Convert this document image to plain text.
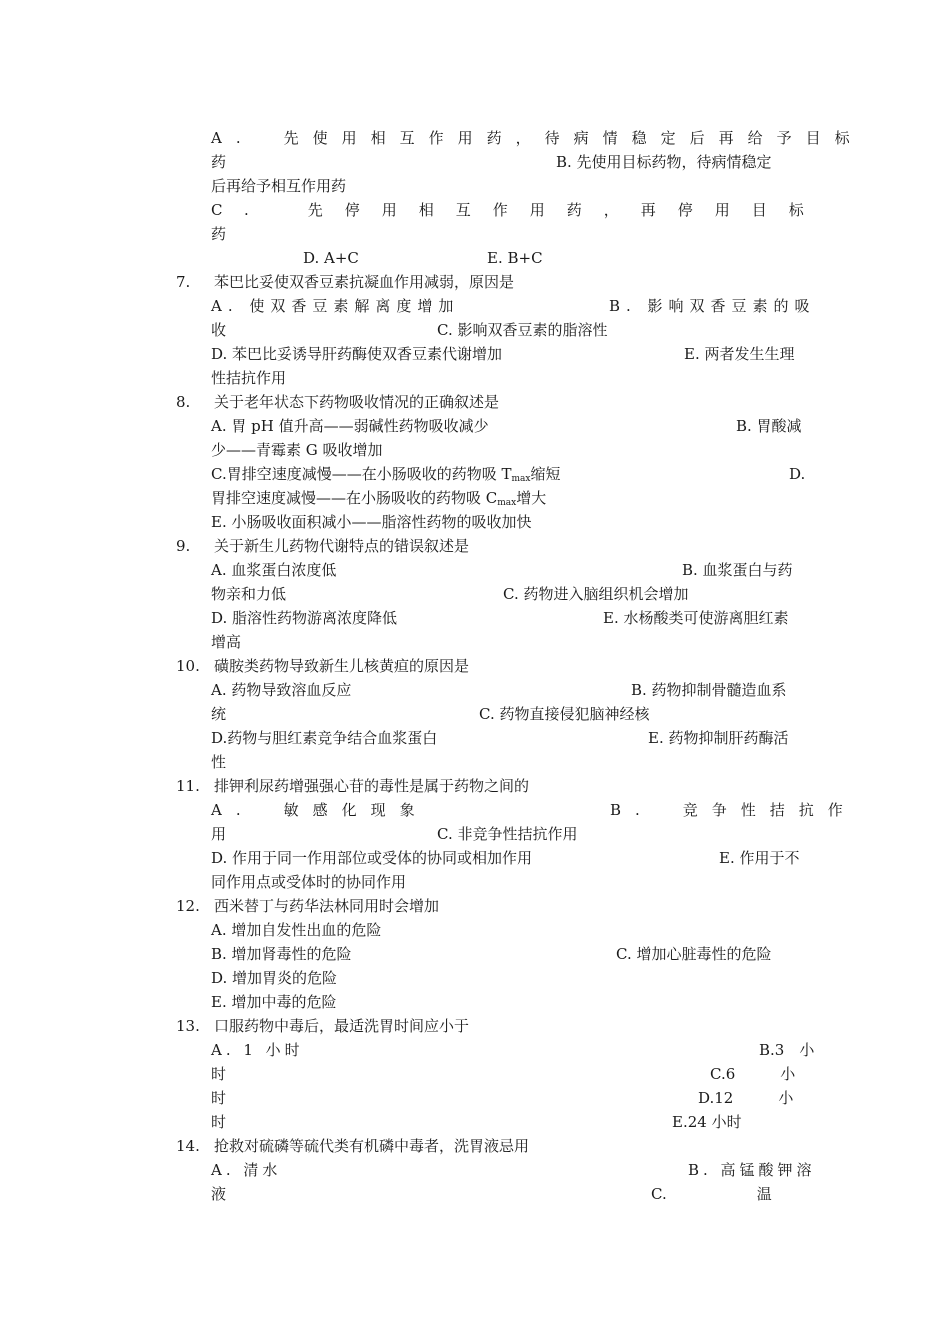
A.　先使用相互作用药，待病情稳定后再给予目标
药	B. 先使用目标药物，待病情稳定
后再给予相互作用药
C.　先停用相互作用药，再停用目标
药
D. A+C	E. B+C
7. 苯巴比妥使双香豆素抗凝血作用减弱，原因是
A. 使双香豆素解离度增加	B. 影响双香豆素的吸
收	C. 影响双香豆素的脂溶性
D. 苯巴比妥诱导肝药酶使双香豆素代谢增加	E. 两者发生生理
性拮抗作用
8. 关于老年状态下药物吸收情况的正确叙述是
A. 胃 pH 值升高——弱碱性药物吸收减少	B. 胃酸减
少——青霉素 G 吸收增加
C.胃排空速度减慢——在小肠吸收的药物吸 $T_{max}$缩短	D.
胃排空速度减慢——在小肠吸收的药物吸 $C_{max}$增大
E. 小肠吸收面积减小——脂溶性药物的吸收加快
9. 关于新生儿药物代谢特点的错误叙述是
A. 血浆蛋白浓度低	B. 血浆蛋白与药
物亲和力低	C. 药物进入脑组织机会增加
D. 脂溶性药物游离浓度降低	E. 水杨酸类可使游离胆红素
增高
10. 磺胺类药物导致新生儿核黄疸的原因是
A. 药物导致溶血反应	B. 药物抑制骨髓造血系
统	C. 药物直接侵犯脑神经核
D.药物与胆红素竞争结合血浆蛋白	E. 药物抑制肝药酶活
性
11. 排钾利尿药增强强心苷的毒性是属于药物之间的
A.　敏感化现象	B.　竞争性拮抗作
用	C. 非竞争性拮抗作用
D. 作用于同一作用部位或受体的协同或相加作用	E. 作用于不
同作用点或受体时的协同作用
12. 西米替丁与药华法林同用时会增加
A. 增加自发性出血的危险
B. 增加肾毒性的危险	C. 增加心脏毒性的危险
D. 增加胃炎的危险
E. 增加中毒的危险
13. 口服药物中毒后，最适洗胃时间应小于
A. 1 小时	B.3　小
时	C.6　　　小
时	D.12　　　小
时	E.24 小时
14. 抢救对硫磷等硫代类有机磷中毒者，洗胃液忌用
A. 清水	B. 高锰酸钾溶
液	C.　　　　　　温
